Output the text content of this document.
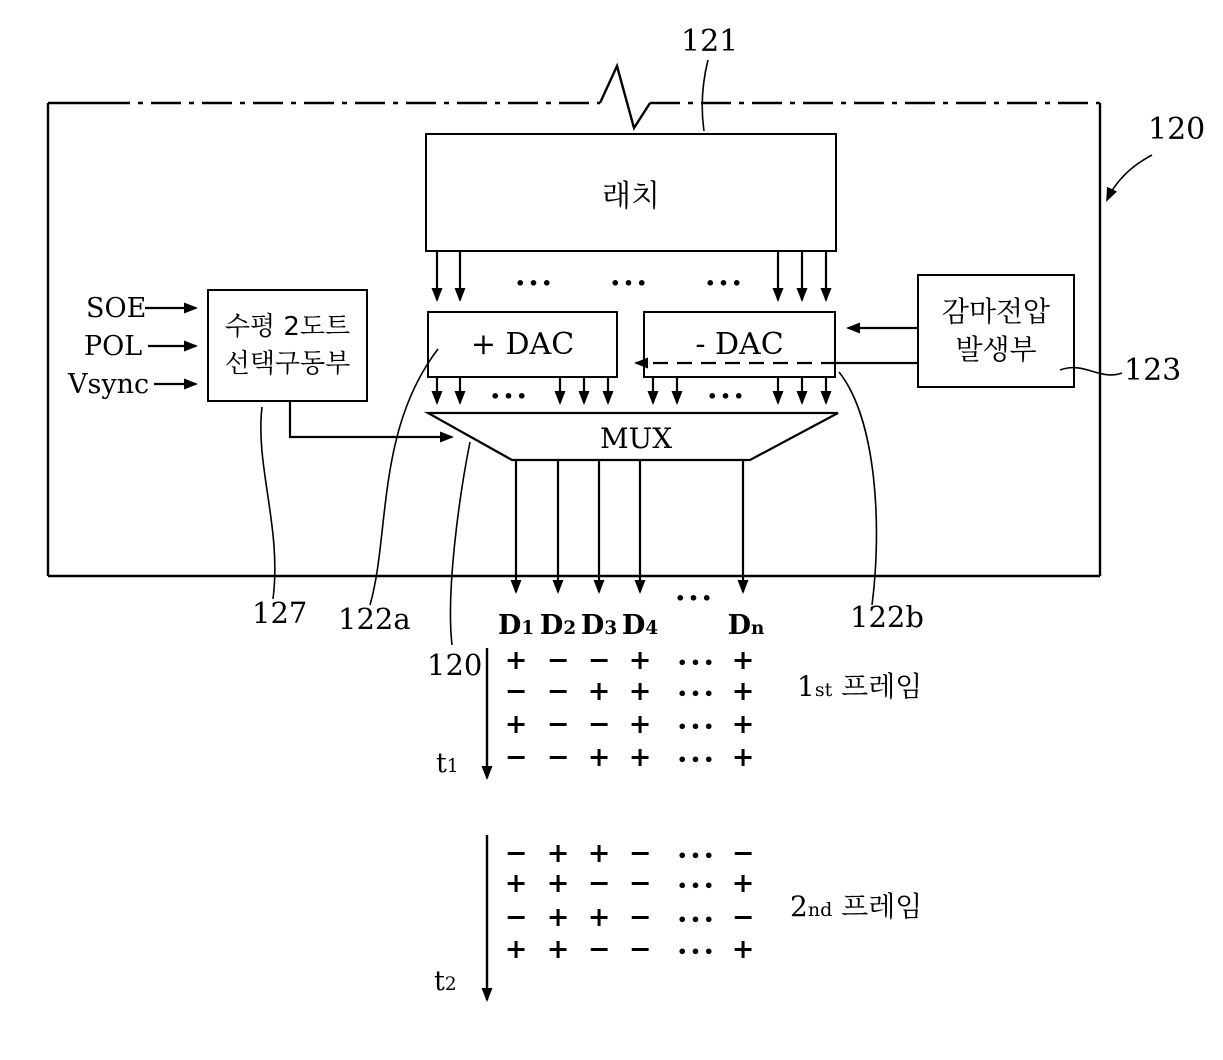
래치
+ DAC	- DAC
감마전압
발생부
수평 2도트
선택구동부
MUX
121
120
123
127 122a
120
122b
SOE
POL
Vsync
•••	•••	•••
•••	•••
•••
D1 D2 D3 D4	Dn
+ − − + ••• +
− − + + ••• +
+ − − + ••• +
− − + + ••• +
− + + − ••• −
+ + − − ••• +
− + + − ••• −
+ + − − ••• +
1st 프레임
2nd 프레임
t1
t2
